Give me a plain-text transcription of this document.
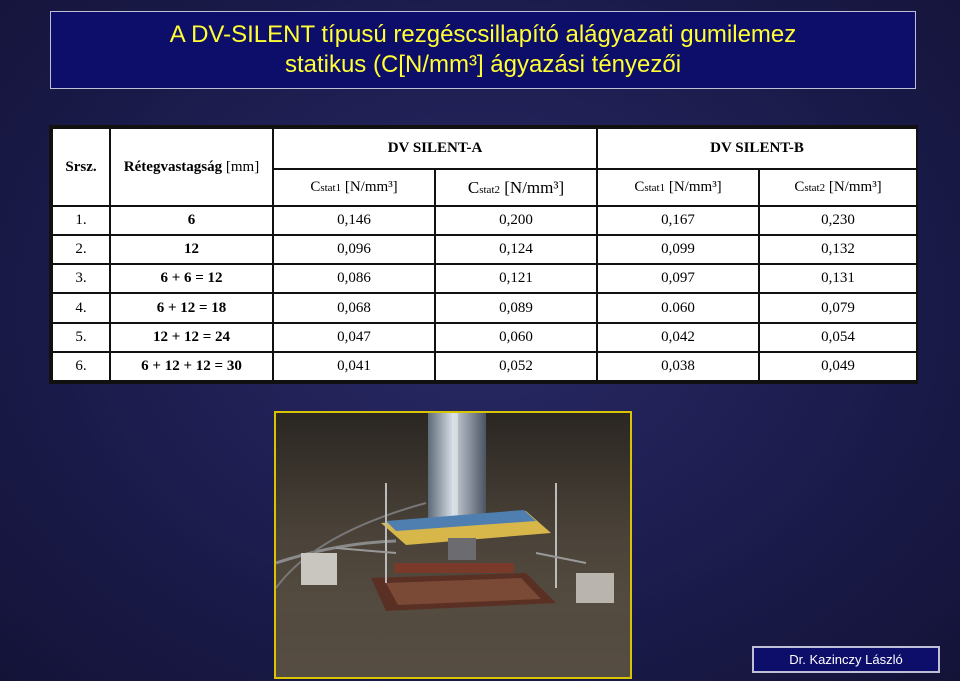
A DV-SILENT típusú rezgéscsillapító alágyazati gumilemez
statikus (C[N/mm³] ágyazási tényezői
Srsz.	Rétegvastagság [mm]	DV SILENT-A		DV SILENT-B	
		Cstat1 [N/mm³]	Cstat2 [N/mm³]	Cstat1 [N/mm³]	Cstat2 [N/mm³]
1.	6	0,146	0,200	0,167	0,230
2.	12	0,096	0,124	0,099	0,132
3.	6 + 6 = 12	0,086	0,121	0,097	0,131
4.	6 + 12 = 18	0,068	0,089	0.060	0,079
5.	12 + 12 = 24	0,047	0,060	0,042	0,054
6.	6 + 12 + 12 = 30	0,041	0,052	0,038	0,049
Dr. Kazinczy László
